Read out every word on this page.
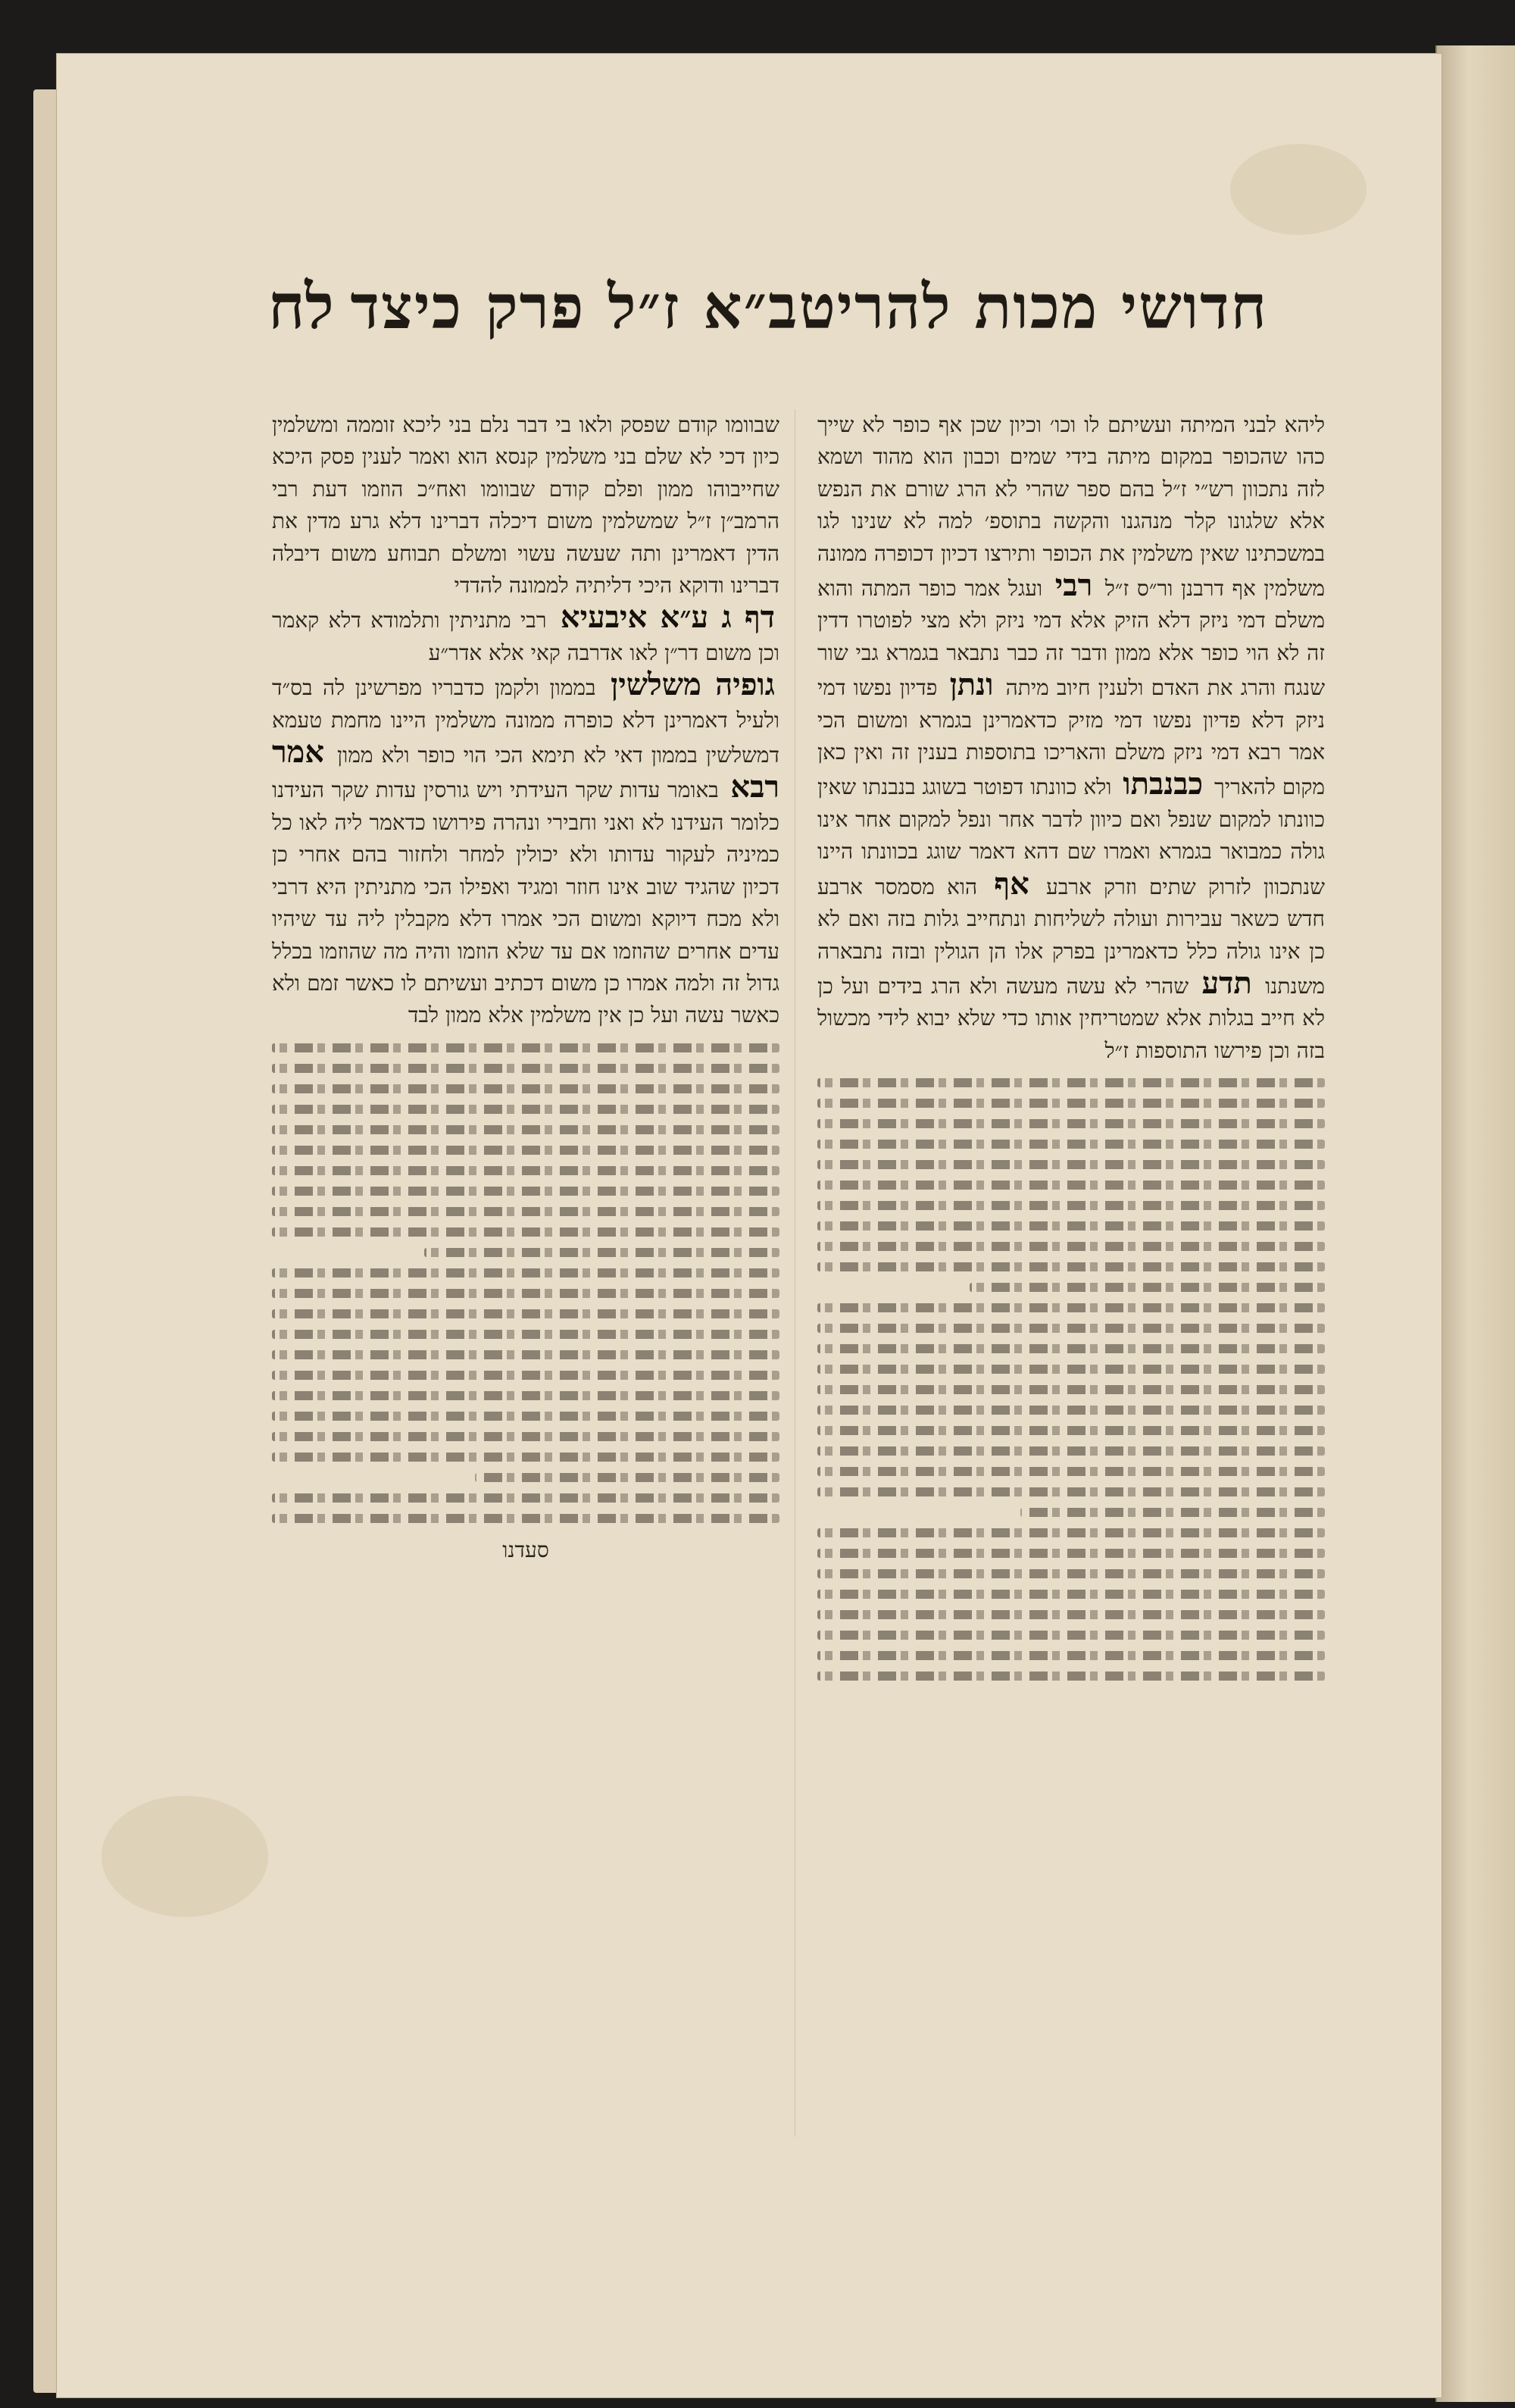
חדושי מכות להריטב״א ז״ל פרק כיצד
לח

ליהא לבני המיתה ועשיתם לו וכו׳ וכיון שכן אף כופר לא שייך כהו שהכופר במקום מיתה בידי שמים וכבון הוא מהוד ושמא לזה נתכוון רש״י ז״ל בהם ספר שהרי לא הרג שורם את הנפש אלא שלגונו קלר מנהגנו והקשה בתוספ׳ למה לא שנינו לגו במשכתינו שאין משלמין את הכופר ותירצו דכיון דכופרה ממונה משלמין אף דרבנן ור״ס ז״ל רבי ועגל אמר כופר המתה והוא משלם דמי ניזק דלא הזיק אלא דמי ניזק ולא מצי לפוטרו דדין זה לא הוי כופר אלא ממון ודבר זה כבר נתבאר בגמרא גבי שור שנגח והרג את האדם ולענין חיוב מיתה ונתן פדיון נפשו דמי ניזק דלא פדיון נפשו דמי מזיק כדאמרינן בגמרא ומשום הכי אמר רבא דמי ניזק משלם והאריכו בתוספות בענין זה ואין כאן מקום להאריך כבנבתו ולא כוונתו דפוטר בשוגג בנבנתו שאין כוונתו למקום שנפל ואם כיוון לדבר אחר ונפל למקום אחר אינו גולה כמבואר בגמרא ואמרו שם דהא דאמר שוגג בכוונתו היינו שנתכוון לזרוק שתים וזרק ארבע אף הוא מסמסר ארבע חדש כשאר עבירות ועולה לשליחות ונתחייב גלות בזה ואם לא כן אינו גולה כלל כדאמרינן בפרק אלו הן הגולין ובזה נתבארה משנתנו תדע שהרי לא עשה מעשה ולא הרג בידים ועל כן לא חייב בגלות אלא שמטריחין אותו כדי שלא יבוא לידי מכשול בזה וכן פירשו התוספות ז״ל

שבוומו קודם שפסק ולאו בי דבר נלם בני ליכא זוממה ומשלמין כיון דכי לא שלם בני משלמין קנסא הוא ואמר לענין פסק היכא שחייבוהו ממון ופלם קודם שבוומו ואח״כ הוזמו דעת רבי הרמב״ן ז״ל שמשלמין משום דיכלה דברינו דלא גרע מדין את הדין דאמרינן ותה שעשה עשוי ומשלם תבוחע משום דיבלה דברינו ודוקא היכי דליתיה לממונה להדדי

דף ג ע״א איבעיא רבי מתניתין ותלמודא דלא קאמר וכן משום דר״ן לאו אדרבה קאי אלא אדר״ע

גופיה משלשין בממון ולקמן כדבריו מפרשינן לה בס״ד ולעיל דאמרינן דלא כופרה ממונה משלמין היינו מחמת טעמא דמשלשין בממון דאי לא תימא הכי הוי כופר ולא ממון אמר רבא באומר עדות שקר העידתי ויש גורסין עדות שקר העידנו כלומר העידנו לא ואני וחבירי ונהרה פירושו כדאמר ליה לאו כל כמיניה לעקור עדותו ולא יכולין למחר ולחזור בהם אחרי כן דכיון שהגיד שוב אינו חוזר ומגיד ואפילו הכי מתניתין היא דרבי ולא מכח דיוקא ומשום הכי אמרו דלא מקבלין ליה עד שיהיו עדים אחרים שהוזמו אם עד שלא הוזמו והיה מה שהוזמו בכלל גדול זה ולמה אמרו כן משום דכתיב ועשיתם לו כאשר זמם ולא כאשר עשה ועל כן אין משלמין אלא ממון לבד

סעדנו
